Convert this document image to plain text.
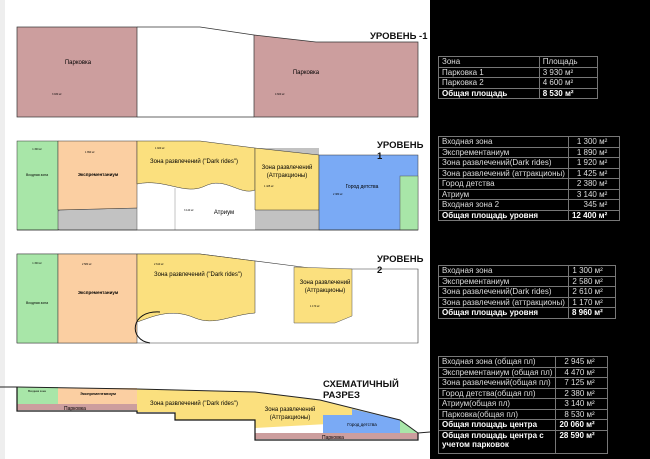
Парковка
3 930 м²
Парковка
4 600 м²
1 300 м²
Входная зона
1 890 м²
Экспрементаниум
1 920 м²
Зона развлечений ("Dark rides")
Зона развлечений
(Аттракционы)
1 425 м²
3 140 м²	Атриум
Город детства
2 380 м²
1 300 м²
Входная зона
2 580 м²
Экспрементаниум
2 610 м²
Зона развлечений ("Dark rides")
Зона развлечений
(Аттракционы)
1 170 м²
Входная зона	Экспрементаниум
Парковка
Зона развлечений ("Dark rides")
Зона развлечений
(Аттракционы)
Город детства
Парковка
УРОВЕНЬ -1
УРОВЕНЬ 1
УРОВЕНЬ 2
СХЕМАТИЧНЫЙ РАЗРЕЗ
Зона	Площадь
Парковка 1	3 930 м²
Парковка 2	4 600 м²
Общая площадь	8 530 м²
Входная зона	1 300 м²
Экспрементаниум	1 890 м²
Зона развлечений(Dark rides)	1 920 м²
Зона развлечений (аттракционы)	1 425 м²
Город детства	2 380 м²
Атриум	3 140 м²
Входная зона 2	345 м²
Общая площадь уровня	12 400 м²
Входная зона	1 300 м²
Экспрементаниум	2 580 м²
Зона развлечений(Dark rides)	2 610 м²
Зона развлечений (аттракционы)	1 170 м²
Общая площадь уровня	8 960 м²
Входная зона (общая пл)	2 945 м²
Экспрементаниум (общая пл)	4 470 м²
Зона развлечений(общая пл)	7 125 м²
Город детства(общая пл)	2 380 м²
Атриум(общая пл)	3 140 м²
Парковка(общая пл)	8 530 м²
Общая площадь центра	20 060 м²
Общая площадь центра с учетом парковок	28 590 м²
